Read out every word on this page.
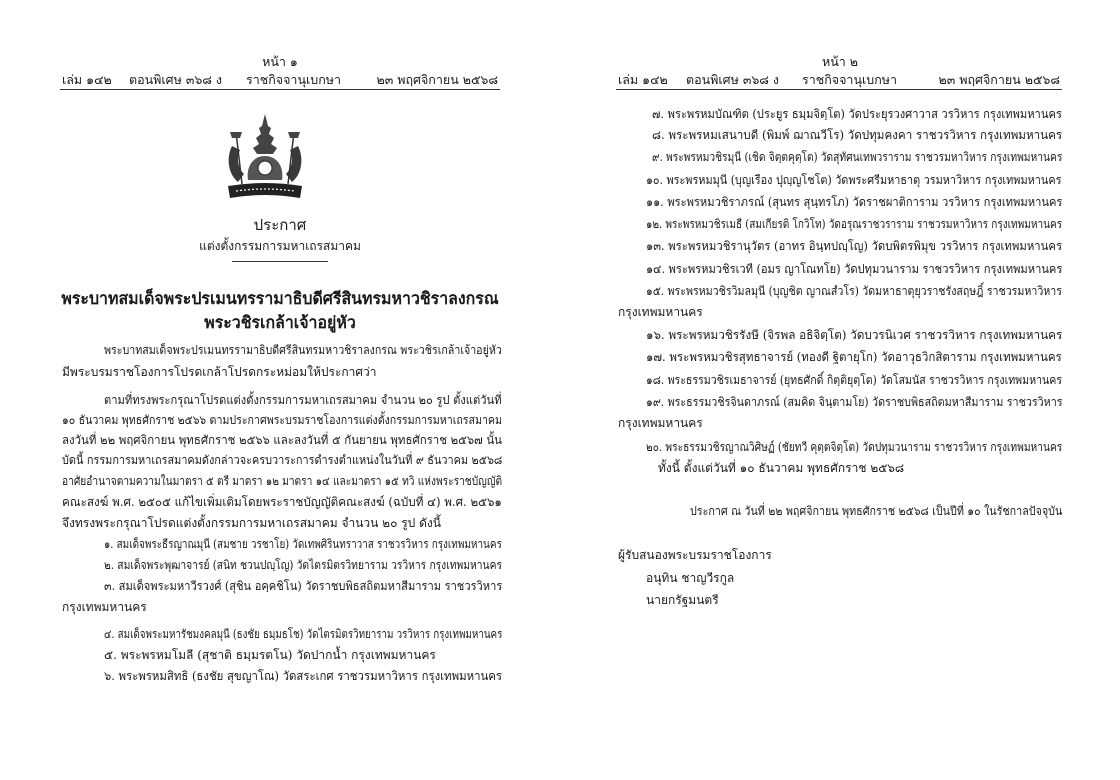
หน้า ๑
เล่ม ๑๔๒ ตอนพิเศษ ๓๖๘ ง ราชกิจจานุเบกษา	๒๓ พฤศจิกายน ๒๕๖๘
ประกาศ
แต่งตั้งกรรมการมหาเถรสมาคม
พระบาทสมเด็จพระปรเมนทรรามาธิบดีศรีสินทรมหาวชิราลงกรณ
พระวชิรเกล้าเจ้าอยู่หัว
พระบาทสมเด็จพระปรเมนทรรามาธิบดีศรีสินทรมหาวชิราลงกรณ พระวชิรเกล้าเจ้าอยู่หัว
มีพระบรมราชโองการโปรดเกล้าโปรดกระหม่อมให้ประกาศว่า
ตามที่ทรงพระกรุณาโปรดแต่งตั้งกรรมการมหาเถรสมาคม จำนวน ๒๐ รูป ตั้งแต่วันที่
๑๐ ธันวาคม พุทธศักราช ๒๕๖๖ ตามประกาศพระบรมราชโองการแต่งตั้งกรรมการมหาเถรสมาคม
ลงวันที่ ๒๒ พฤศจิกายน พุทธศักราช ๒๕๖๖ และลงวันที่ ๕ กันยายน พุทธศักราช ๒๕๖๗ นั้น
บัดนี้ กรรมการมหาเถรสมาคมดังกล่าวจะครบวาระการดำรงตำแหน่งในวันที่ ๙ ธันวาคม ๒๕๖๘
อาศัยอำนาจตามความในมาตรา ๕ ตรี มาตรา ๑๒ มาตรา ๑๔ และมาตรา ๑๕ ทวิ แห่งพระราชบัญญัติ
คณะสงฆ์ พ.ศ. ๒๕๐๕ แก้ไขเพิ่มเติมโดยพระราชบัญญัติคณะสงฆ์ (ฉบับที่ ๔) พ.ศ. ๒๕๖๑
จึงทรงพระกรุณาโปรดแต่งตั้งกรรมการมหาเถรสมาคม จำนวน ๒๐ รูป ดังนี้
๑. สมเด็จพระธีรญาณมุนี (สมชาย วรชาโย) วัดเทพศิรินทราวาส ราชวรวิหาร กรุงเทพมหานคร
๒. สมเด็จพระพุฒาจารย์ (สนิท ชวนปญฺโญ) วัดไตรมิตรวิทยาราม วรวิหาร กรุงเทพมหานคร
๓. สมเด็จพระมหาวีรวงศ์ (สุชิน อคฺคชิโน) วัดราชบพิธสถิตมหาสีมาราม ราชวรวิหาร
กรุงเทพมหานคร
๔. สมเด็จพระมหารัชมงคลมุนี (ธงชัย ธมฺมธโช) วัดไตรมิตรวิทยาราม วรวิหาร กรุงเทพมหานคร
๕. พระพรหมโมลี (สุชาติ ธมฺมรตโน) วัดปากน้ำ กรุงเทพมหานคร
๖. พระพรหมสิทธิ (ธงชัย สุขญาโณ) วัดสระเกศ ราชวรมหาวิหาร กรุงเทพมหานคร
หน้า ๒
เล่ม ๑๔๒ ตอนพิเศษ ๓๖๘ ง ราชกิจจานุเบกษา	๒๓ พฤศจิกายน ๒๕๖๘
๗. พระพรหมบัณฑิต (ประยูร ธมฺมจิตฺโต) วัดประยุรวงศาวาส วรวิหาร กรุงเทพมหานคร
๘. พระพรหมเสนาบดี (พิมพ์ ฌาณวีโร) วัดปทุมคงคา ราชวรวิหาร กรุงเทพมหานคร
๙. พระพรหมวชิรมุนี (เชิด จิตฺตคุตฺโต) วัดสุทัศนเทพวราราม ราชวรมหาวิหาร กรุงเทพมหานคร
๑๐. พระพรหมมุนี (บุญเรือง ปุญฺญโชโต) วัดพระศรีมหาธาตุ วรมหาวิหาร กรุงเทพมหานคร
๑๑. พระพรหมวชิราภรณ์ (สุนทร สุนฺทรโภ) วัดราชผาติการาม วรวิหาร กรุงเทพมหานคร
๑๒. พระพรหมวชิรเมธี (สมเกียรติ โกวิโท) วัดอรุณราชวราราม ราชวรมหาวิหาร กรุงเทพมหานคร
๑๓. พระพรหมวชิรานุวัตร (อาทร อินฺทปญฺโญ) วัดบพิตรพิมุข วรวิหาร กรุงเทพมหานคร
๑๔. พระพรหมวชิรเวที (อมร ญาโณทโย) วัดปทุมวนาราม ราชวรวิหาร กรุงเทพมหานคร
๑๕. พระพรหมวชิรวิมลมุนี (บุญชิต ญาณสํวโร) วัดมหาธาตุยุวราชรังสฤษฎิ์ ราชวรมหาวิหาร
กรุงเทพมหานคร
๑๖. พระพรหมวชิรรังษี (จิรพล อธิจิตฺโต) วัดบวรนิเวศ ราชวรวิหาร กรุงเทพมหานคร
๑๗. พระพรหมวชิรสุทธาจารย์ (ทองดี ฐิตายุโก) วัดอาวุธวิกสิตาราม กรุงเทพมหานคร
๑๘. พระธรรมวชิรเมธาจารย์ (ยุทธศักดิ์ กิตฺติยุตฺโต) วัดโสมนัส ราชวรวิหาร กรุงเทพมหานคร
๑๙. พระธรรมวชิรจินดาภรณ์ (สมคิด จินฺตามโย) วัดราชบพิธสถิตมหาสีมาราม ราชวรวิหาร
กรุงเทพมหานคร
๒๐. พระธรรมวชิรญาณวิศิษฏ์ (ชัยทวี คุตฺตจิตฺโต) วัดปทุมวนาราม ราชวรวิหาร กรุงเทพมหานคร
ทั้งนี้ ตั้งแต่วันที่ ๑๐ ธันวาคม พุทธศักราช ๒๕๖๘
ประกาศ ณ วันที่ ๒๒ พฤศจิกายน พุทธศักราช ๒๕๖๘ เป็นปีที่ ๑๐ ในรัชกาลปัจจุบัน
ผู้รับสนองพระบรมราชโองการ
อนุทิน ชาญวีรกูล
นายกรัฐมนตรี
